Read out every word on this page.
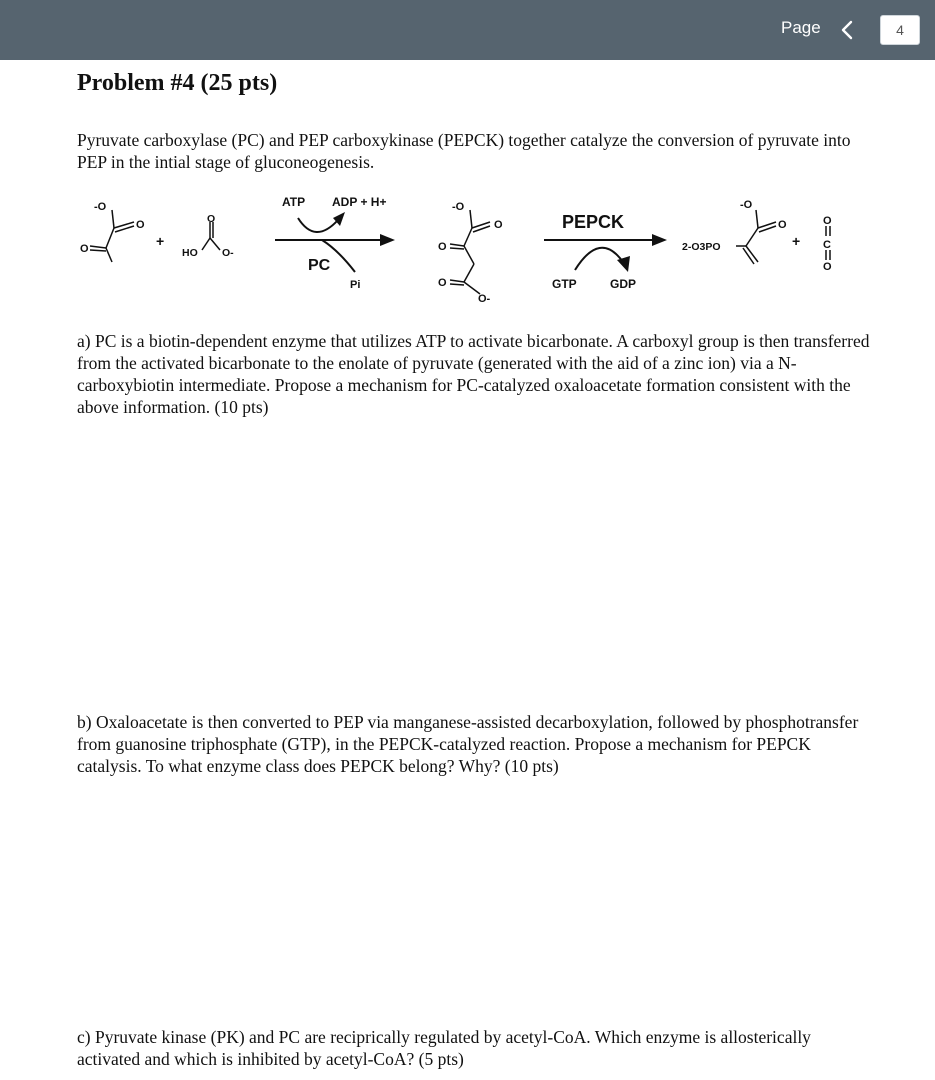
Page	4
Problem #4 (25 pts)

Pyruvate carboxylase (PC) and PEP carboxykinase (PEPCK) together catalyze the conversion of pyruvate into PEP in the intial stage of gluconeogenesis.

-O
O
O	+
HO
O
O-
ATP ADP + H+
PC
Pi
-O
O
O
O
O-
PEPCK
GTP	GDP
2-O3PO
-O
O
+
O
C
O

a) PC is a biotin-dependent enzyme that utilizes ATP to activate bicarbonate. A carboxyl group is then transferred from the activated bicarbonate to the enolate of pyruvate (generated with the aid of a zinc ion) via a N-carboxybiotin intermediate. Propose a mechanism for PC-catalyzed oxaloacetate formation consistent with the above information. (10 pts)

b) Oxaloacetate is then converted to PEP via manganese-assisted decarboxylation, followed by phosphotransfer from guanosine triphosphate (GTP), in the PEPCK-catalyzed reaction. Propose a mechanism for PEPCK catalysis. To what enzyme class does PEPCK belong? Why? (10 pts)

c) Pyruvate kinase (PK) and PC are reciprically regulated by acetyl-CoA. Which enzyme is allosterically activated and which is inhibited by acetyl-CoA? (5 pts)
